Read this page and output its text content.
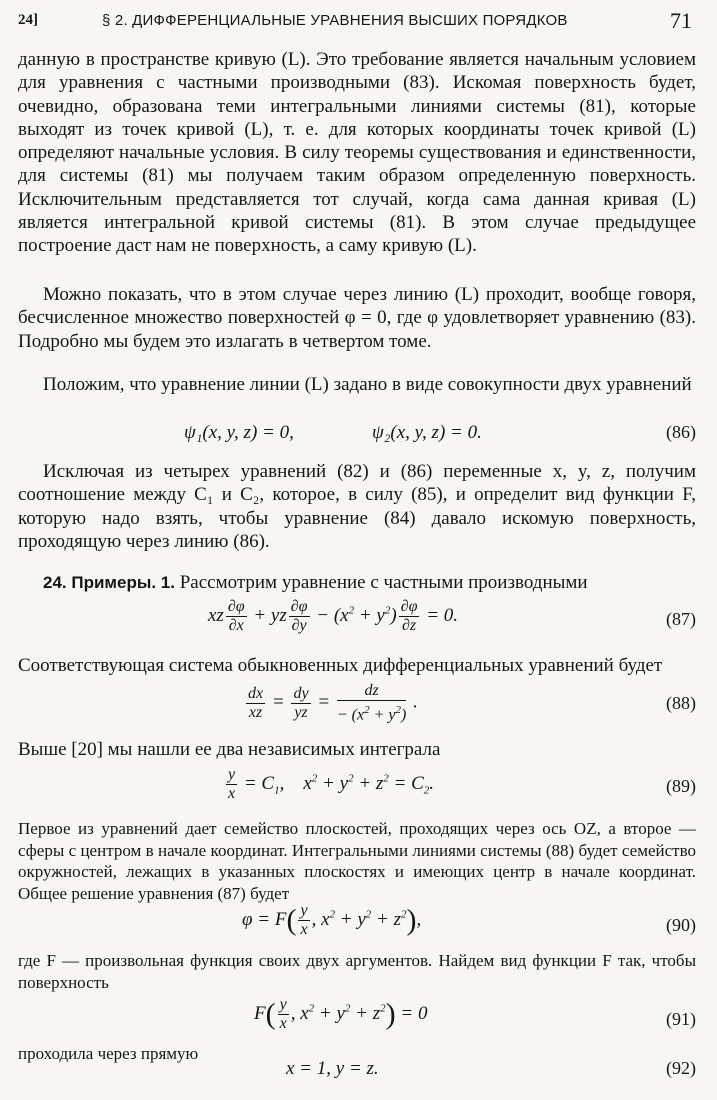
24]	§ 2. ДИФФЕРЕНЦИАЛЬНЫЕ УРАВНЕНИЯ ВЫСШИХ ПОРЯДКОВ	71

данную в пространстве кривую (L). Это требование является начальным условием для уравнения с частными производными (83). Искомая поверхность будет, очевидно, образована теми интегральными линиями системы (81), которые выходят из точек кривой (L), т. е. для которых координаты точек кривой (L) определяют начальные условия. В силу теоремы существования и единственности, для системы (81) мы получаем таким образом определенную поверхность. Исключительным представляется тот случай, когда сама данная кривая (L) является интегральной кривой системы (81). В этом случае предыдущее построение даст нам не поверхность, а саму кривую (L).

Можно показать, что в этом случае через линию (L) проходит, вообще говоря, бесчисленное множество поверхностей φ = 0, где φ удовлетворяет уравнению (83). Подробно мы будем это излагать в четвертом томе.

Положим, что уравнение линии (L) задано в виде совокупности двух уравнений

ψ₁(x, y, z) = 0,	ψ₂(x, y, z) = 0.	(86)

Исключая из четырех уравнений (82) и (86) переменные x, y, z, получим соотношение между C₁ и C₂, которое, в силу (85), и определит вид функции F, которую надо взять, чтобы уравнение (84) давало искомую поверхность, проходящую через линию (86).

24. Примеры. 1. Рассмотрим уравнение с частными производными

xz $\frac{\partial\varphi}{\partial x}$ + yz $\frac{\partial\varphi}{\partial y} - (x^2 + y^2) \frac{\partial\varphi}{\partial z} = 0$.	(87)

Соответствующая система обыкновенных дифференциальных уравнений будет

$\frac{dx}{xz} = \frac{dy}{yz} = \frac{dz}{- (x^2 + y^2)}$ .	(88)

Выше [20] мы нашли ее два независимых интеграла

$\frac{y}{x} = C_1$,    $x^2 + y^2 + z^2 = C_2$.	(89)

Первое из уравнений дает семейство плоскостей, проходящих через ось OZ, а второе — сферы с центром в начале координат. Интегральными линиями системы (88) будет семейство окружностей, лежащих в указанных плоскостях и имеющих центр в начале координат. Общее решение уравнения (87) будет

$\varphi = F( \frac{y}{x}$ , $x^2 + y^2 + z^2$),	(90)

где F — произвольная функция своих двух аргументов. Найдем вид функции F так, чтобы поверхность

$F( \frac{y}{x}$ , $x^2 + y^2 + z^2) = 0$	(91)

проходила через прямую

x = 1, y = z.	(92)
